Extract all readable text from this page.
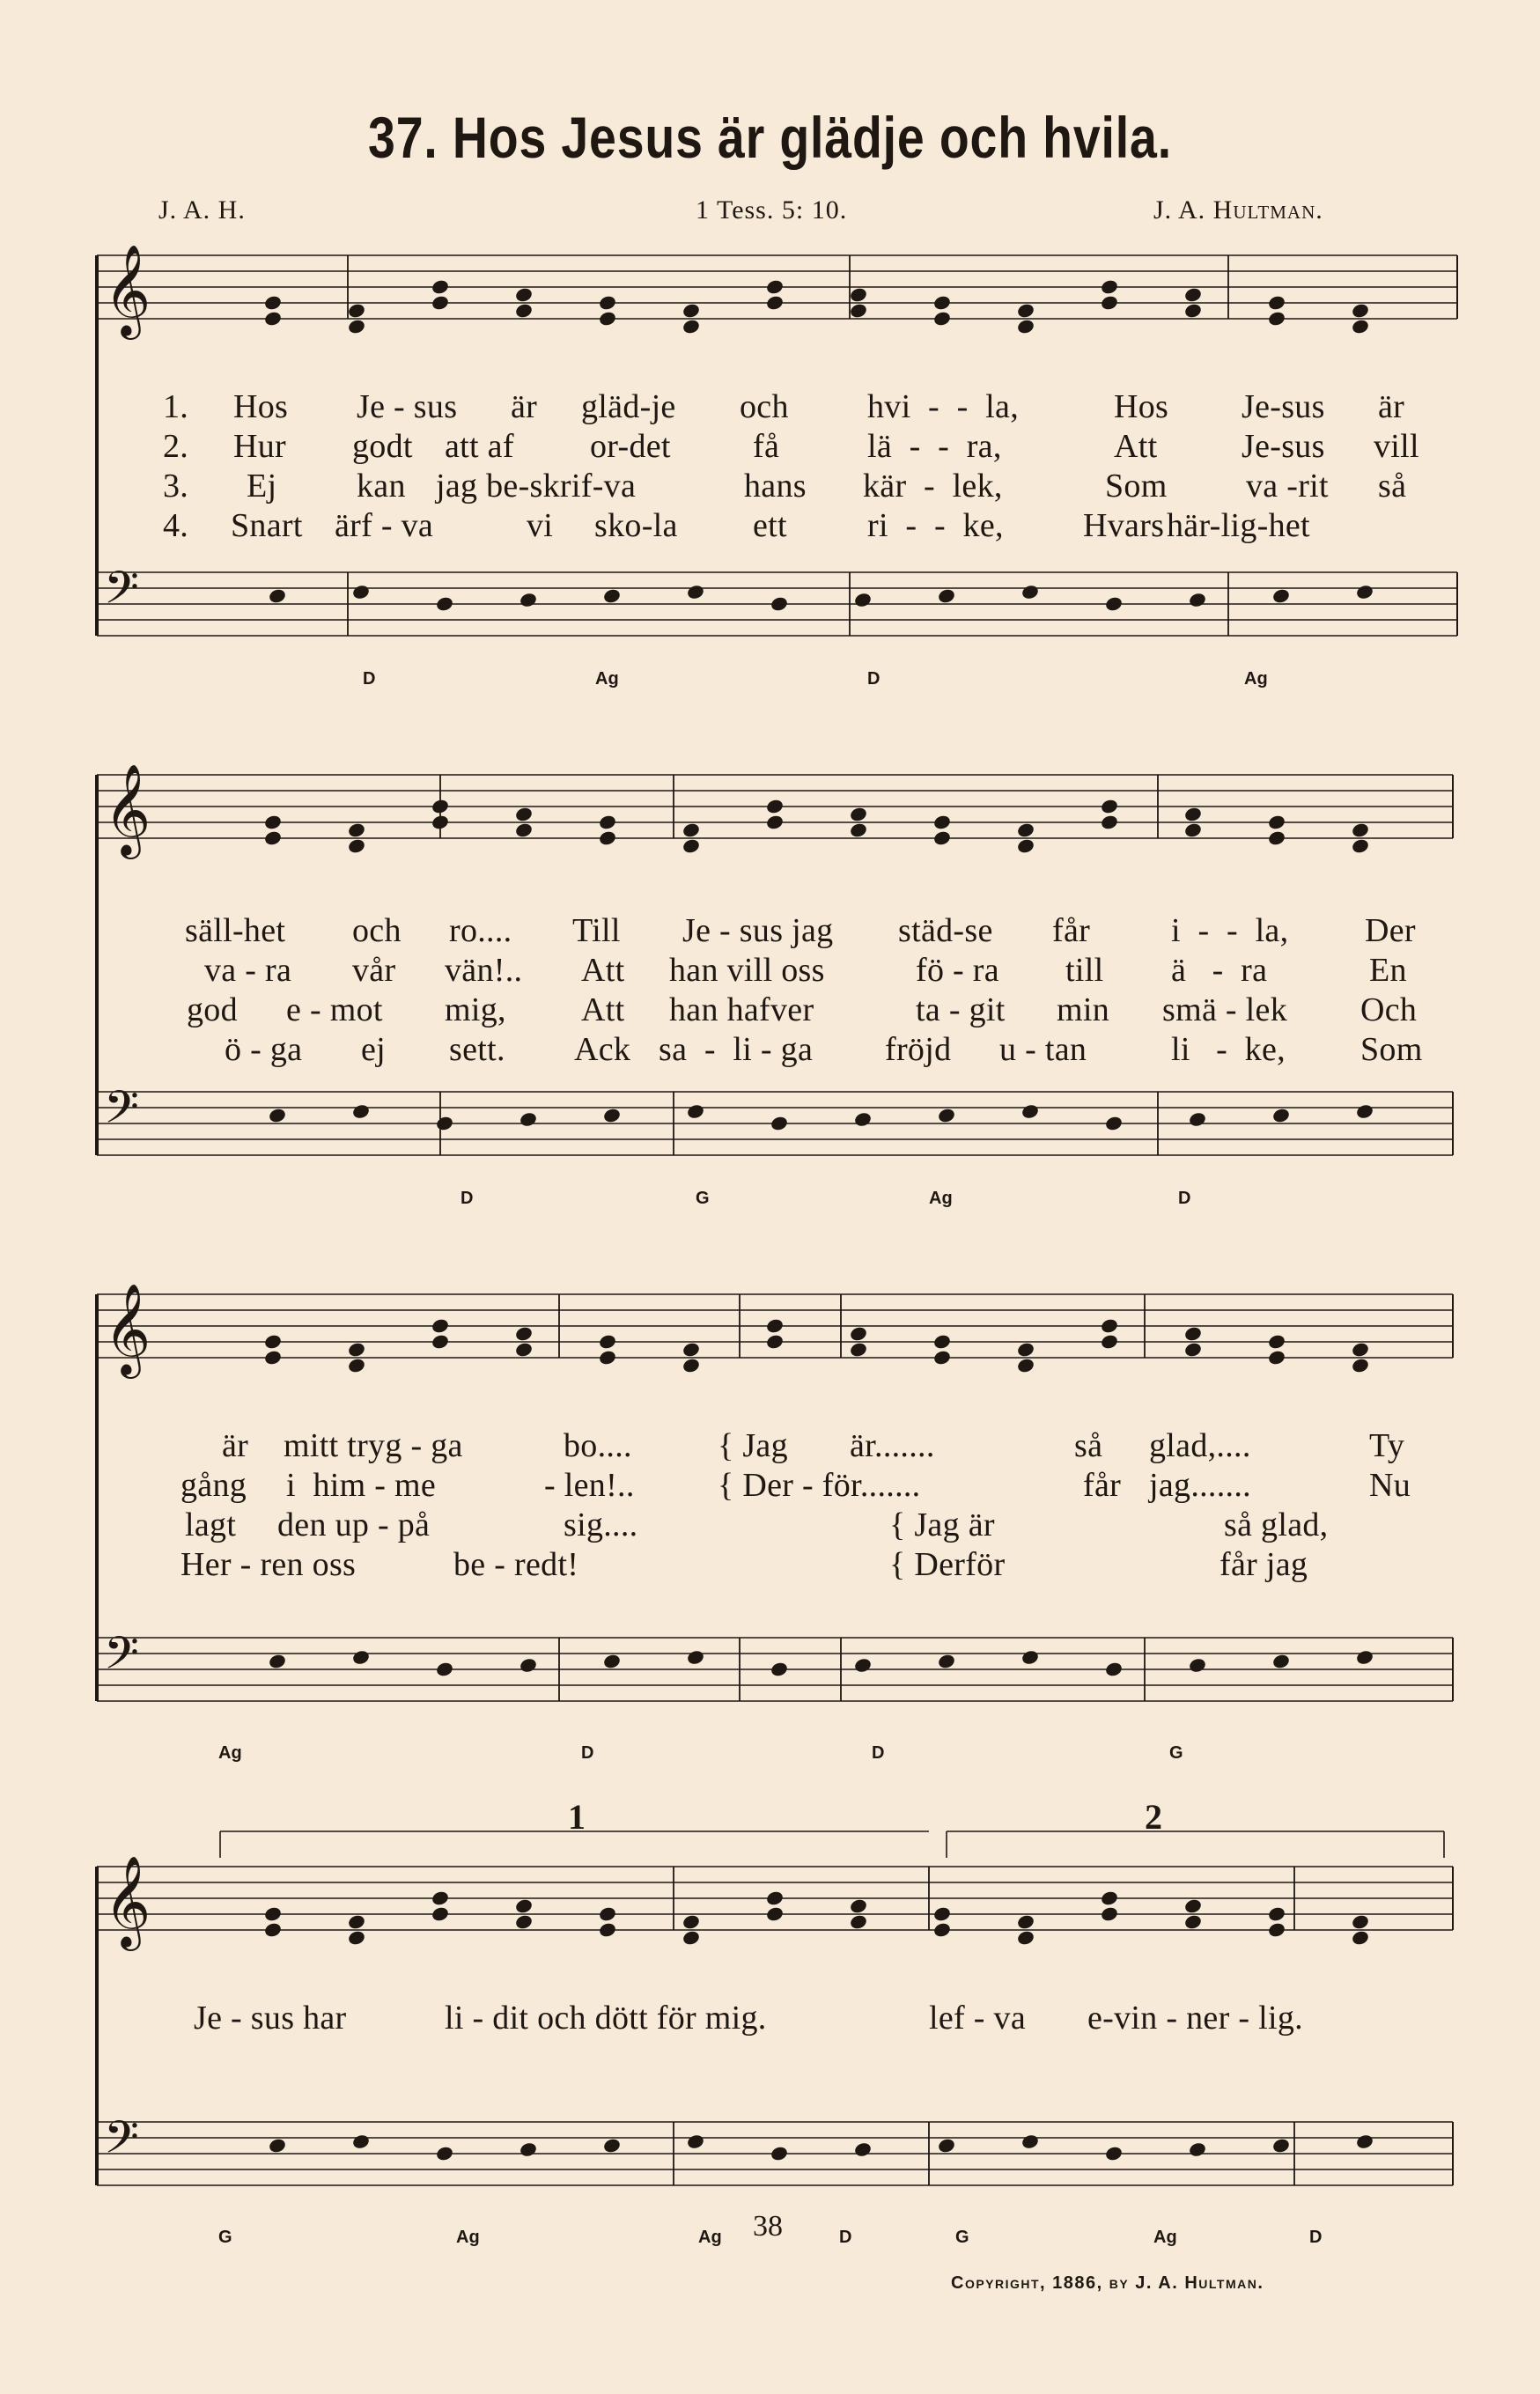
𝄞
𝄢
𝄞
𝄢
𝄞
𝄢
𝄞
𝄢
37. Hos Jesus är glädje och hvila.
J. A. H.	1 Tess. 5: 10.	J. A. Hultman.
1. Hos Je - sus är gläd-je och hvi  -  -  la,	Hos Je-sus är
2. Hur godt att af or-det få	lä  -  -  ra,	Att	Je-sus vill
3. Ej kan jag be-skrif-va	hans kär  -  lek,	Som va -rit så
4. Snart ärf - va	vi sko-la ett ri  -  -  ke, Hvars här-lig-het
säll-het och ro.... Till Je - sus jag städ-se får i  -  -  la, Der
va - ra vår vän!.. Att han vill oss	fö - ra till ä   -  ra	En
god e - mot mig, Att han hafver	ta - git min smä - lek Och
ö - ga ej sett. Ack sa  -  li - ga fröjd u - tan	li   -  ke, Som
är mitt tryg - ga	bo....	{ Jag är.......	så glad,....	Ty
gång i  him - me	- len!.. { Der - för.......	får jag.......	Nu
lagt den up - på	sig....	{ Jag är	så glad,
Her - ren oss	be - redt!	{ Derför	får jag
Je - sus har	li - dit och dött för mig.	lef - va e-vin - ner - lig.
D	Ag	D	Ag
D	G	Ag	D
Ag	D	D	G
G	Ag	Ag	D	G	Ag	D
1	2
38
Copyright, 1886, by J. A. Hultman.
